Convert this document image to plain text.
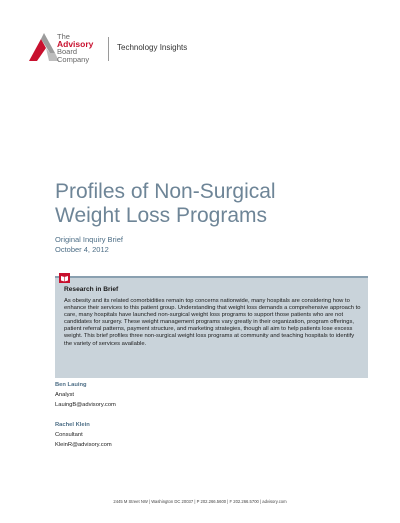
The
Advisory
Board
Company
Technology Insights
Profiles of Non-Surgical
Weight Loss Programs
Original Inquiry Brief
October 4, 2012
Research in Brief
As obesity and its related comorbidities remain top concerns nationwide, many hospitals are considering how to enhance their services to this patient group. Understanding that weight loss demands a comprehensive approach to care, many hospitals have launched non-surgical weight loss programs to support those patients who are not candidates for surgery. These weight management programs vary greatly in their organization, program offerings, patient referral patterns, payment structure, and marketing strategies, though all aim to help patients lose excess weight. This brief profiles three non-surgical weight loss programs at community and teaching hospitals to identify the variety of services available.
Ben Lauing
Analyst
LauingB@advisory.com
Rachel Klein
Consultant
KleinR@advisory.com
2445 M Street NW | Washington DC 20037 | P 202.266.5600 | F 202.266.5700 | advisory.com
